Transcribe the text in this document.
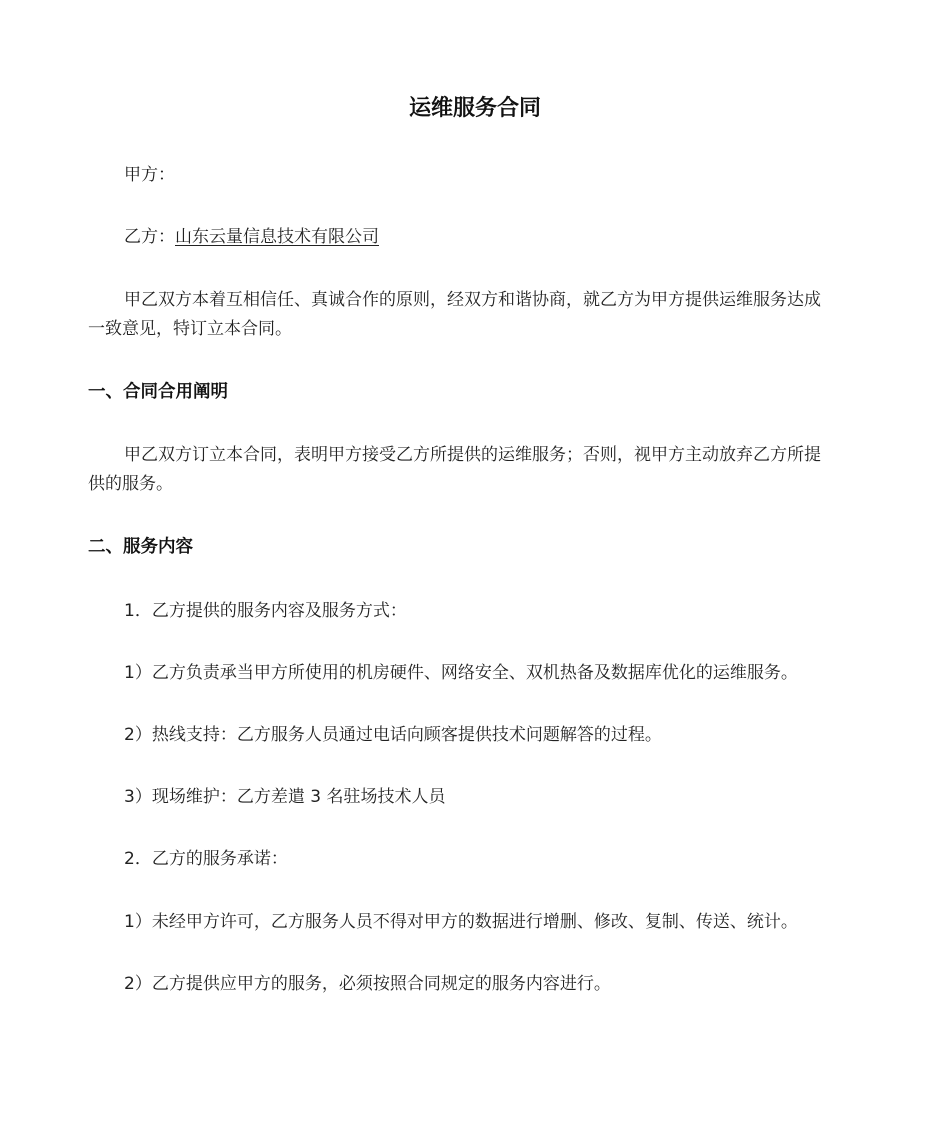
运维服务合同
甲方：
乙方：山东云量信息技术有限公司
甲乙双方本着互相信任、真诚合作的原则，经双方和谐协商，就乙方为甲方提供运维服务达成
一致意见，特订立本合同。
一、合同合用阐明
甲乙双方订立本合同，表明甲方接受乙方所提供的运维服务；否则，视甲方主动放弃乙方所提
供的服务。
二、服务内容
1．乙方提供的服务内容及服务方式：
1）乙方负责承当甲方所使用的机房硬件、网络安全、双机热备及数据库优化的运维服务。
2）热线支持：乙方服务人员通过电话向顾客提供技术问题解答的过程。
3）现场维护：乙方差遣 3 名驻场技术人员
2．乙方的服务承诺：
1）未经甲方许可，乙方服务人员不得对甲方的数据进行增删、修改、复制、传送、统计。
2）乙方提供应甲方的服务，必须按照合同规定的服务内容进行。
